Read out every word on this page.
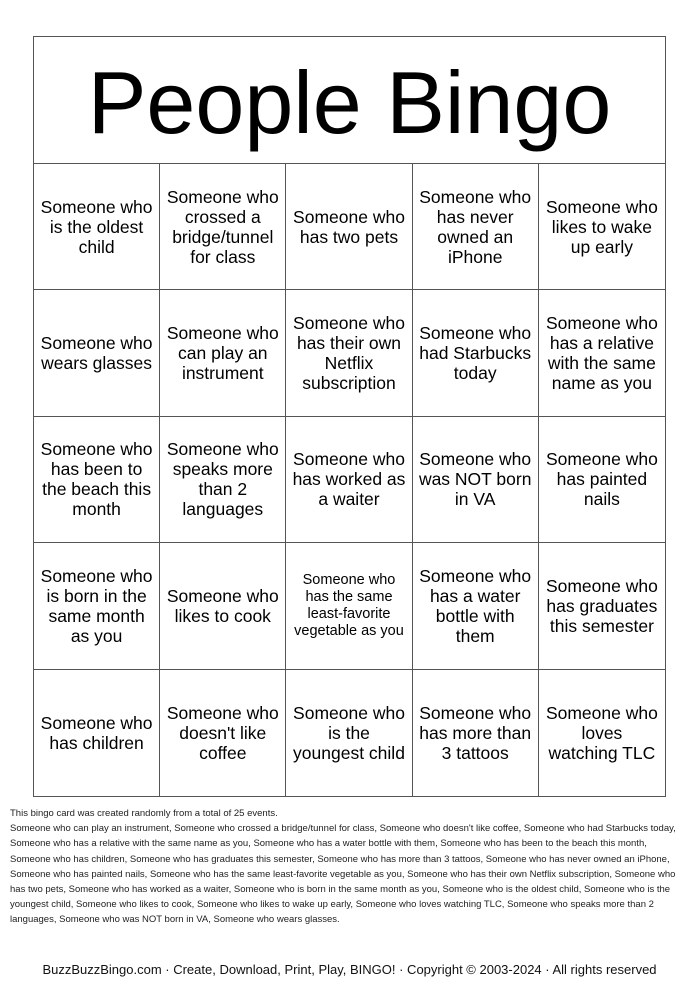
People Bingo
Someone who is the oldest child
Someone who crossed a bridge/tunnel for class
Someone who has two pets
Someone who has never owned an iPhone
Someone who likes to wake up early
Someone who wears glasses
Someone who can play an instrument
Someone who has their own Netflix subscription
Someone who had Starbucks today
Someone who has a relative with the same name as you
Someone who has been to the beach this month
Someone who speaks more than 2 languages
Someone who has worked as a waiter
Someone who was NOT born in VA
Someone who has painted nails
Someone who is born in the same month as you
Someone who likes to cook
Someone who has the same least-favorite vegetable as you
Someone who has a water bottle with them
Someone who has graduates this semester
Someone who has children
Someone who doesn't like coffee
Someone who is the youngest child
Someone who has more than 3 tattoos
Someone who loves watching TLC
This bingo card was created randomly from a total of 25 events.
Someone who can play an instrument, Someone who crossed a bridge/tunnel for class, Someone who doesn't like coffee, Someone who had Starbucks today, Someone who has a relative with the same name as you, Someone who has a water bottle with them, Someone who has been to the beach this month, Someone who has children, Someone who has graduates this semester, Someone who has more than 3 tattoos, Someone who has never owned an iPhone, Someone who has painted nails, Someone who has the same least-favorite vegetable as you, Someone who has their own Netflix subscription, Someone who has two pets, Someone who has worked as a waiter, Someone who is born in the same month as you, Someone who is the oldest child, Someone who is the youngest child, Someone who likes to cook, Someone who likes to wake up early, Someone who loves watching TLC, Someone who speaks more than 2 languages, Someone who was NOT born in VA, Someone who wears glasses.
BuzzBuzzBingo.com · Create, Download, Print, Play, BINGO! · Copyright © 2003-2024 · All rights reserved
